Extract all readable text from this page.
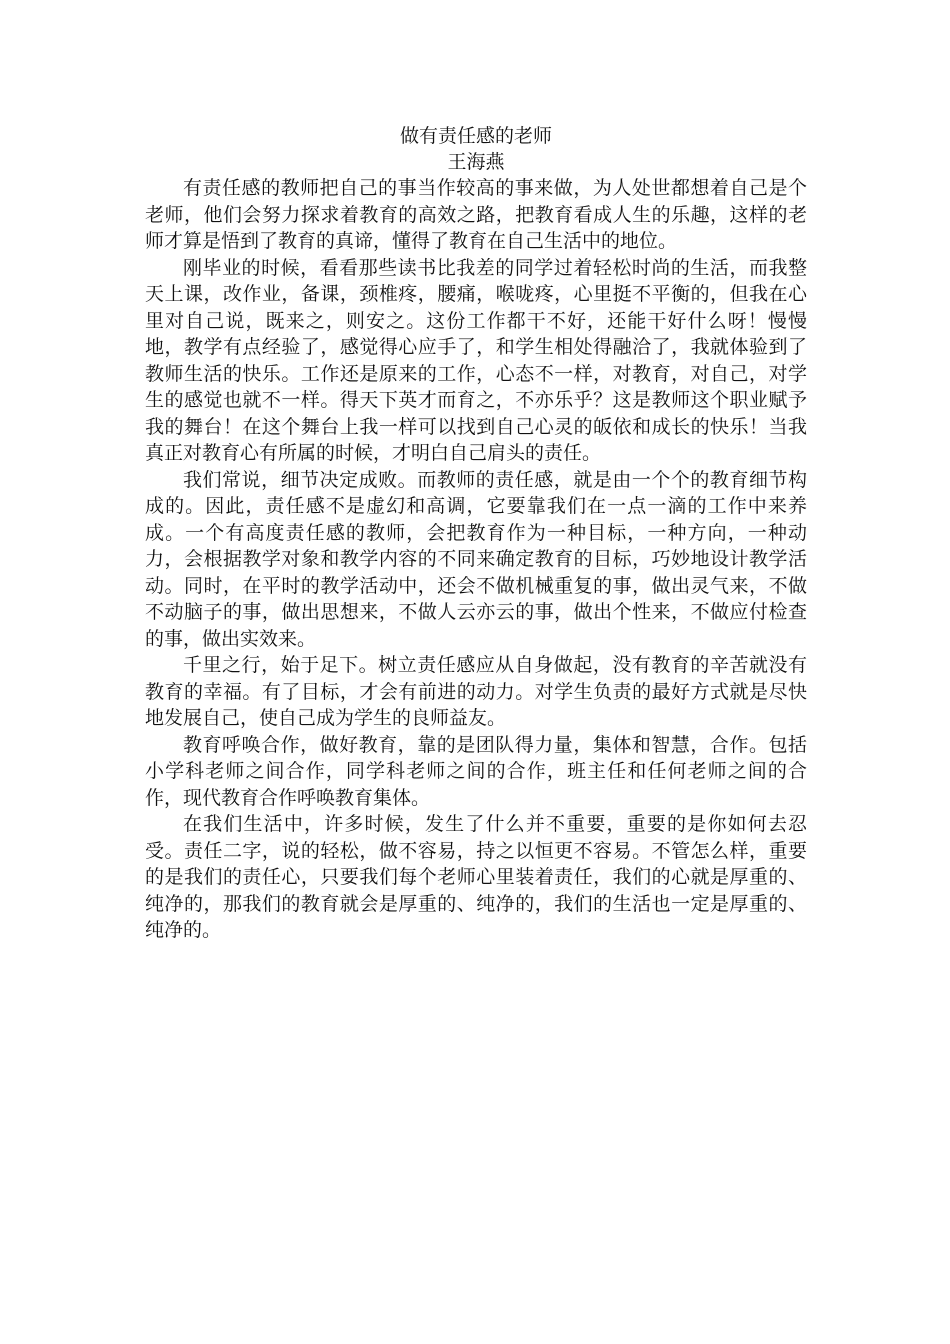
做有责任感的老师
王海燕

有责任感的教师把自己的事当作较高的事来做，为人处世都想着自己是个老师，他们会努力探求着教育的高效之路，把教育看成人生的乐趣，这样的老师才算是悟到了教育的真谛，懂得了教育在自己生活中的地位。

刚毕业的时候，看看那些读书比我差的同学过着轻松时尚的生活，而我整天上课，改作业，备课，颈椎疼，腰痛，喉咙疼，心里挺不平衡的，但我在心里对自己说，既来之，则安之。这份工作都干不好，还能干好什么呀！慢慢地，教学有点经验了，感觉得心应手了，和学生相处得融洽了，我就体验到了教师生活的快乐。工作还是原来的工作，心态不一样，对教育，对自己，对学生的感觉也就不一样。得天下英才而育之，不亦乐乎？这是教师这个职业赋予我的舞台！在这个舞台上我一样可以找到自己心灵的皈依和成长的快乐！当我真正对教育心有所属的时候，才明白自己肩头的责任。

我们常说，细节决定成败。而教师的责任感，就是由一个个的教育细节构成的。因此，责任感不是虚幻和高调，它要靠我们在一点一滴的工作中来养成。一个有高度责任感的教师，会把教育作为一种目标，一种方向，一种动力，会根据教学对象和教学内容的不同来确定教育的目标，巧妙地设计教学活动。同时，在平时的教学活动中，还会不做机械重复的事，做出灵气来，不做不动脑子的事，做出思想来，不做人云亦云的事，做出个性来，不做应付检查的事，做出实效来。

千里之行，始于足下。树立责任感应从自身做起，没有教育的辛苦就没有教育的幸福。有了目标，才会有前进的动力。对学生负责的最好方式就是尽快地发展自己，使自己成为学生的良师益友。

教育呼唤合作，做好教育，靠的是团队得力量，集体和智慧，合作。包括小学科老师之间合作，同学科老师之间的合作，班主任和任何老师之间的合作，现代教育合作呼唤教育集体。

在我们生活中，许多时候，发生了什么并不重要，重要的是你如何去忍受。责任二字，说的轻松，做不容易，持之以恒更不容易。不管怎么样，重要的是我们的责任心，只要我们每个老师心里装着责任，我们的心就是厚重的、纯净的，那我们的教育就会是厚重的、纯净的，我们的生活也一定是厚重的、纯净的。
